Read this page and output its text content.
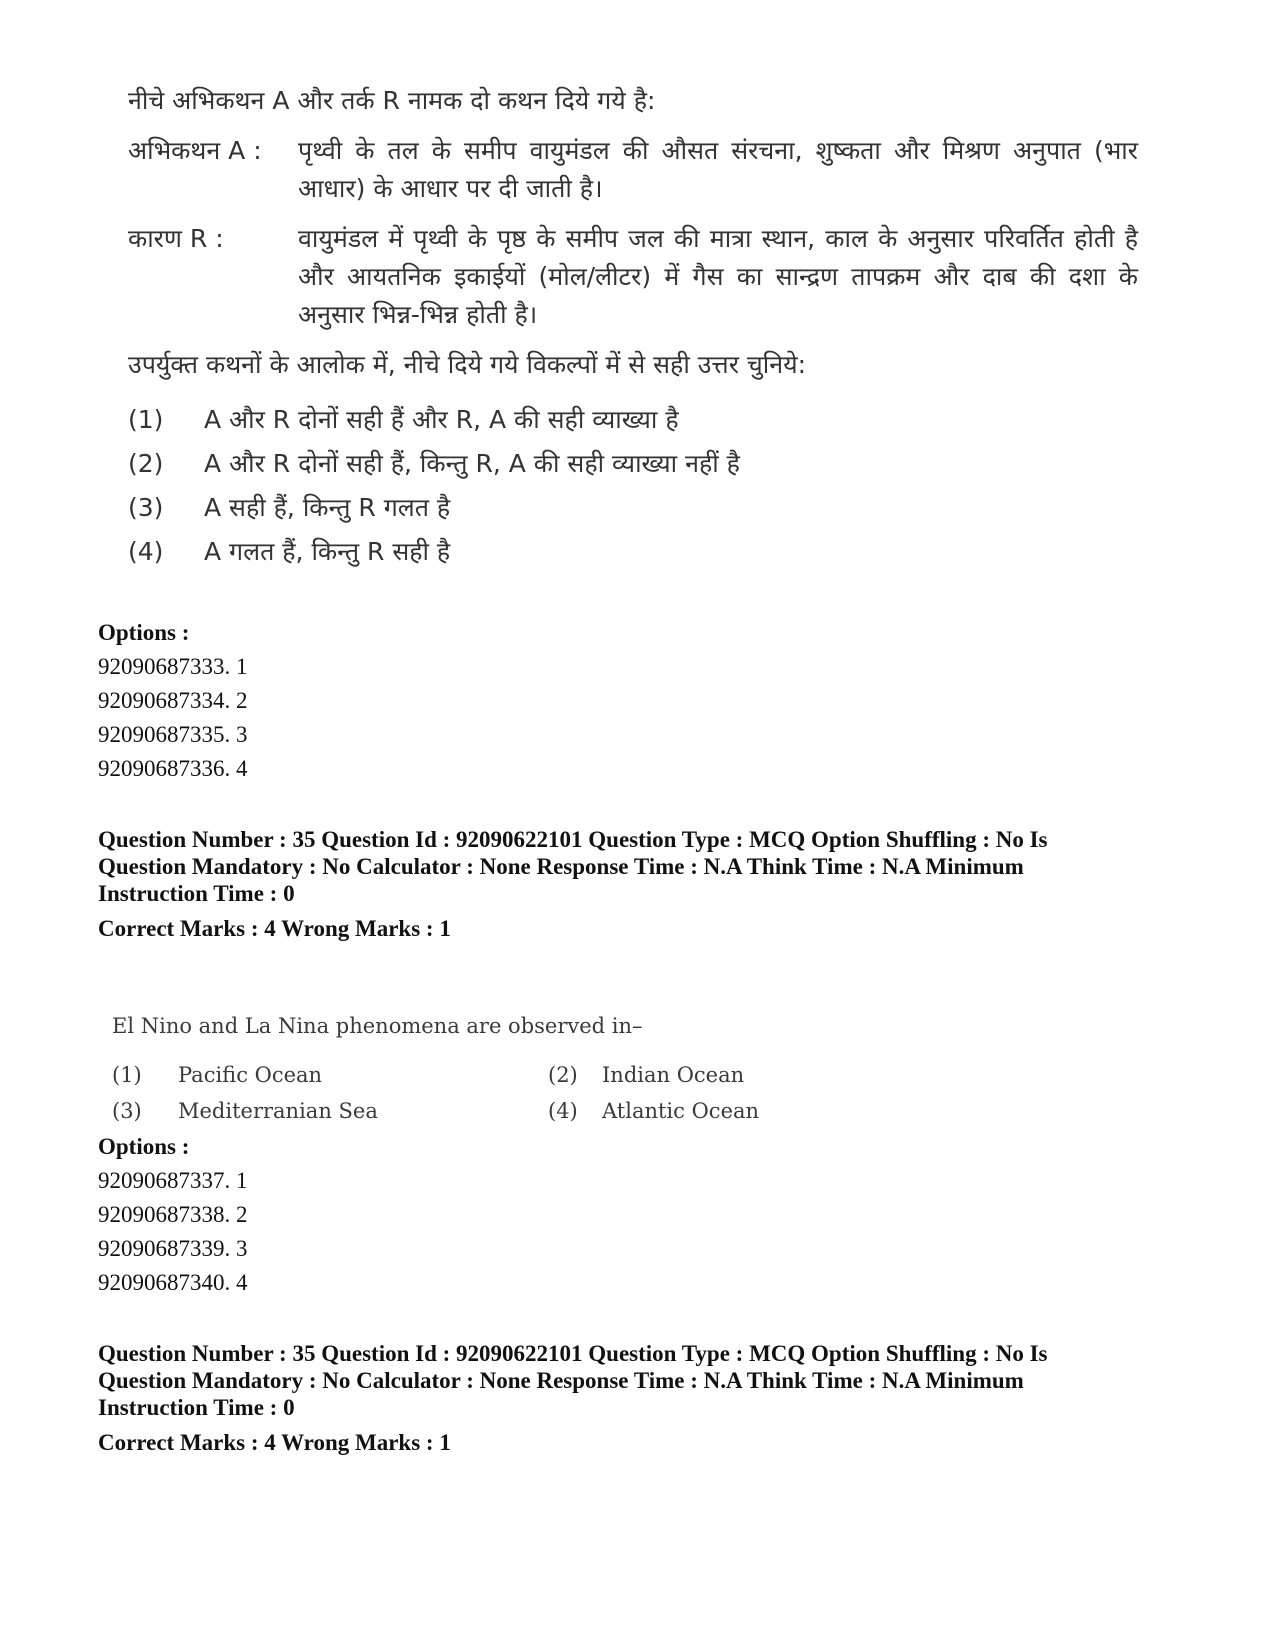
नीचे अभिकथन A और तर्क R नामक दो कथन दिये गये है:

अभिकथन A :	पृथ्वी के तल के समीप वायुमंडल की औसत संरचना, शुष्कता और मिश्रण अनुपात (भार आधार) के आधार पर दी जाती है।
कारण R :	वायुमंडल में पृथ्वी के पृष्ठ के समीप जल की मात्रा स्थान, काल के अनुसार परिवर्तित होती है और आयतनिक इकाईयों (मोल/लीटर) में गैस का सान्द्रण तापक्रम और दाब की दशा के अनुसार भिन्न-भिन्न होती है।

उपर्युक्त कथनों के आलोक में, नीचे दिये गये विकल्पों में से सही उत्तर चुनिये:

(1)	A और R दोनों सही हैं और R, A की सही व्याख्या है
(2)	A और R दोनों सही हैं, किन्तु R, A की सही व्याख्या नहीं है
(3)	A सही हैं, किन्तु R गलत है
(4)	A गलत हैं, किन्तु R सही है

Options :

92090687333. 1

92090687334. 2

92090687335. 3

92090687336. 4

Question Number : 35 Question Id : 92090622101 Question Type : MCQ Option Shuffling : No Is

Question Mandatory : No Calculator : None Response Time : N.A Think Time : N.A Minimum

Instruction Time : 0

Correct Marks : 4 Wrong Marks : 1

El Nino and La Nina phenomena are observed in–

(1)	Pacific Ocean	(2)	Indian Ocean
(3)	Mediterranian Sea	(4)	Atlantic Ocean

Options :

92090687337. 1

92090687338. 2

92090687339. 3

92090687340. 4

Question Number : 35 Question Id : 92090622101 Question Type : MCQ Option Shuffling : No Is

Question Mandatory : No Calculator : None Response Time : N.A Think Time : N.A Minimum

Instruction Time : 0

Correct Marks : 4 Wrong Marks : 1
